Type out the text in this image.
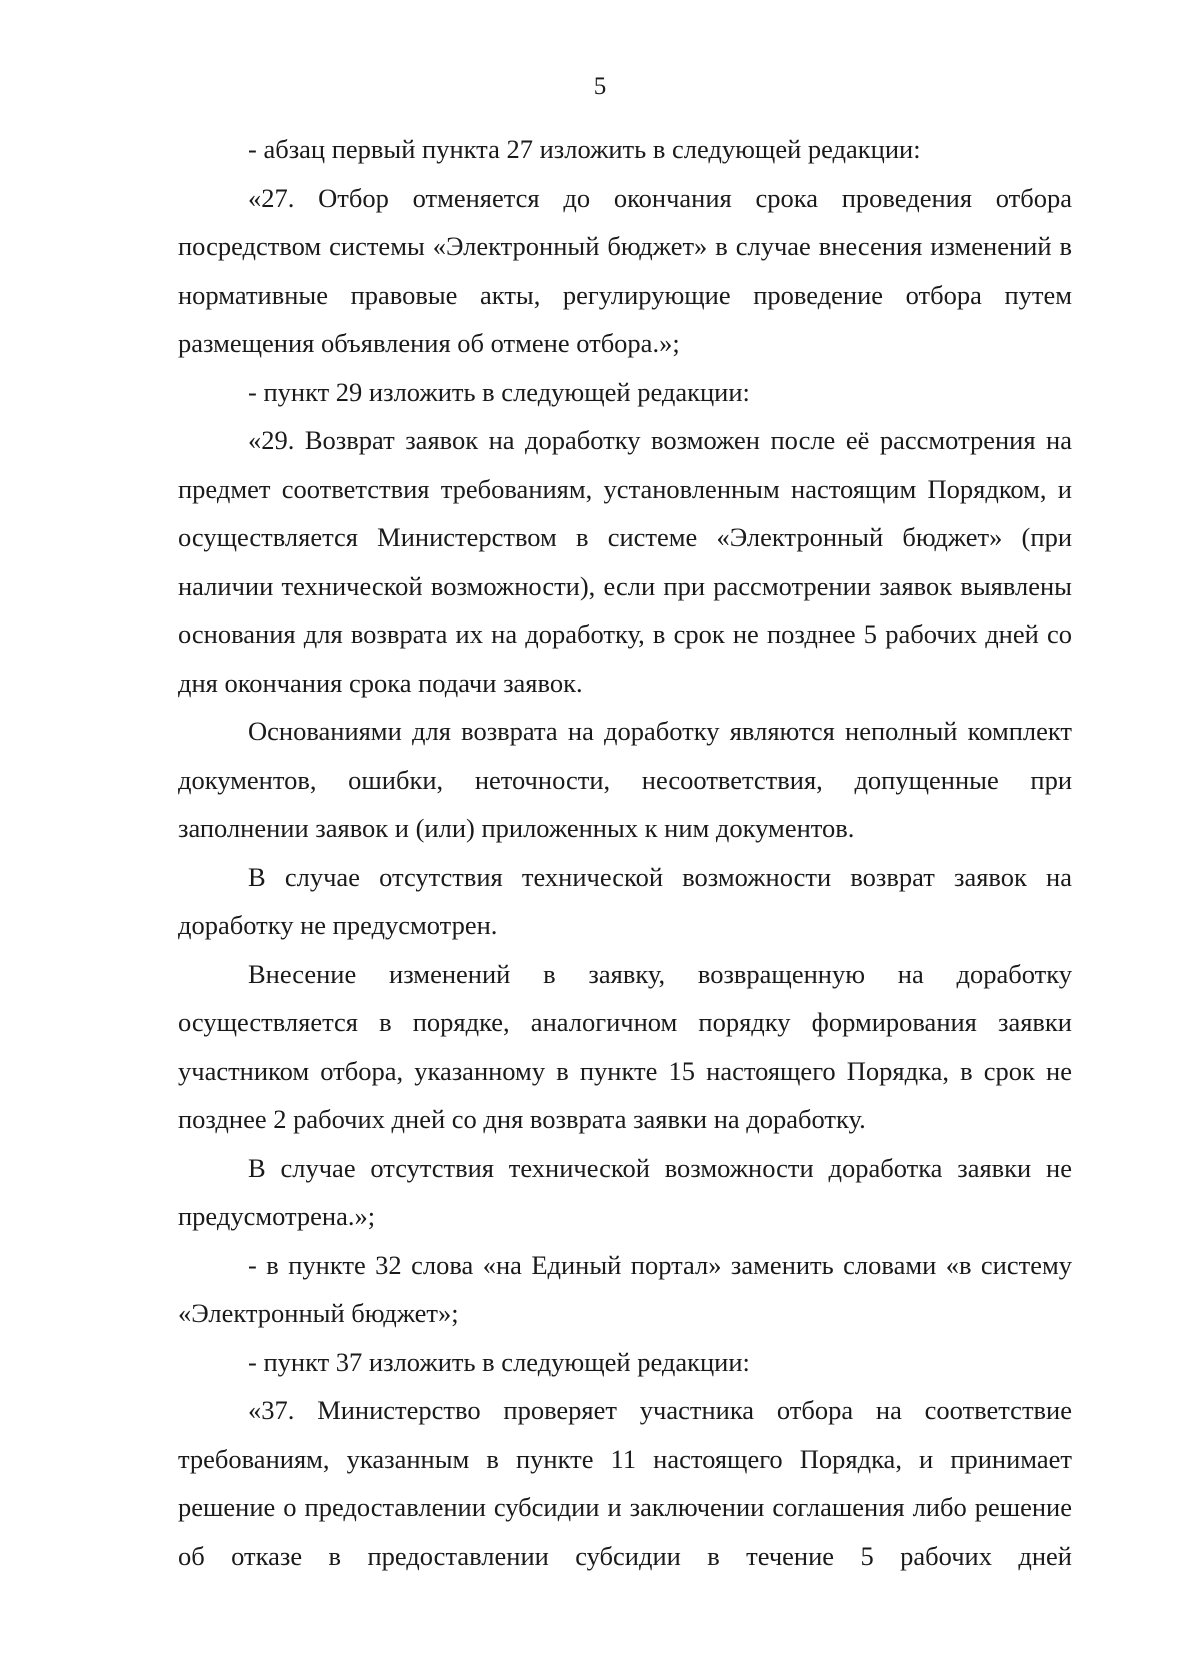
5

- абзац первый пункта 27 изложить в следующей редакции:

«27. Отбор отменяется до окончания срока проведения отбора посредством системы «Электронный бюджет» в случае внесения изменений в нормативные правовые акты, регулирующие проведение отбора путем размещения объявления об отмене отбора.»;

- пункт 29 изложить в следующей редакции:

«29. Возврат заявок на доработку возможен после её рассмотрения на предмет соответствия требованиям, установленным настоящим Порядком, и осуществляется Министерством в системе «Электронный бюджет» (при наличии технической возможности), если при рассмотрении заявок выявлены основания для возврата их на доработку, в срок не позднее 5 рабочих дней со дня окончания срока подачи заявок.

Основаниями для возврата на доработку являются неполный комплект документов, ошибки, неточности, несоответствия, допущенные при заполнении заявок и (или) приложенных к ним документов.

В случае отсутствия технической возможности возврат заявок на доработку не предусмотрен.

Внесение изменений в заявку, возвращенную на доработку осуществляется в порядке, аналогичном порядку формирования заявки участником отбора, указанному в пункте 15 настоящего Порядка, в срок не позднее 2 рабочих дней со дня возврата заявки на доработку.

В случае отсутствия технической возможности доработка заявки не предусмотрена.»;

- в пункте 32 слова «на Единый портал» заменить словами «в систему «Электронный бюджет»;

- пункт 37 изложить в следующей редакции:

«37. Министерство проверяет участника отбора на соответствие требованиям, указанным в пункте 11 настоящего Порядка, и принимает решение о предоставлении субсидии и заключении соглашения либо решение об отказе в предоставлении субсидии в течение 5 рабочих дней
